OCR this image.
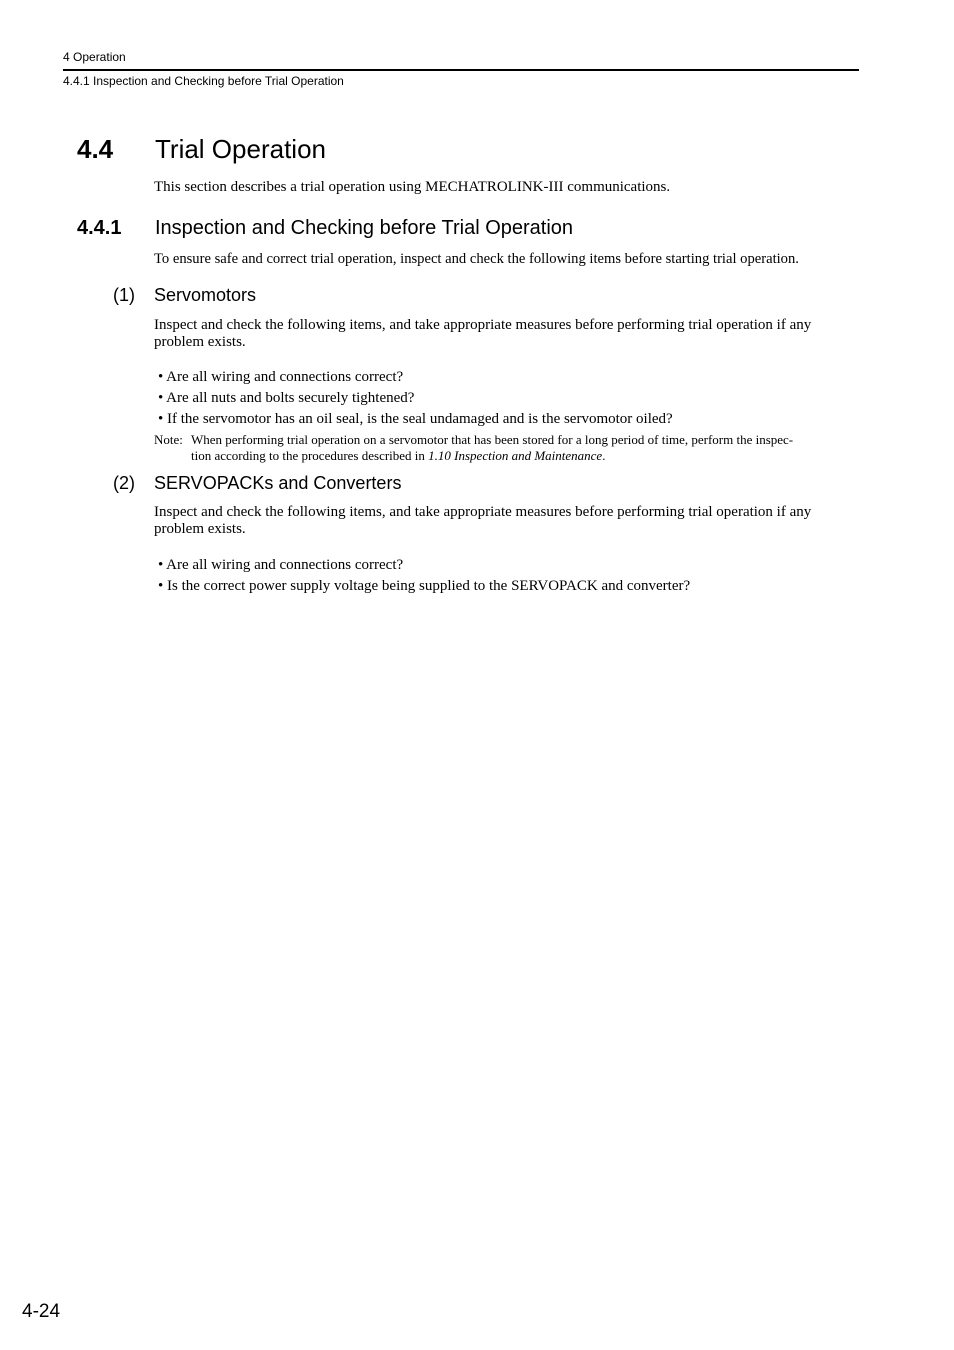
4 Operation
4.4.1 Inspection and Checking before Trial Operation
4.4 Trial Operation
This section describes a trial operation using MECHATROLINK-III communications.
4.4.1 Inspection and Checking before Trial Operation
To ensure safe and correct trial operation, inspect and check the following items before starting trial operation.
(1) Servomotors
Inspect and check the following items, and take appropriate measures before performing trial operation if any problem exists.
• Are all wiring and connections correct?
• Are all nuts and bolts securely tightened?
• If the servomotor has an oil seal, is the seal undamaged and is the servomotor oiled?
Note: When performing trial operation on a servomotor that has been stored for a long period of time, perform the inspec-
tion according to the procedures described in 1.10 Inspection and Maintenance.
(2) SERVOPACKs and Converters
Inspect and check the following items, and take appropriate measures before performing trial operation if any problem exists.
• Are all wiring and connections correct?
• Is the correct power supply voltage being supplied to the SERVOPACK and converter?
4-24
